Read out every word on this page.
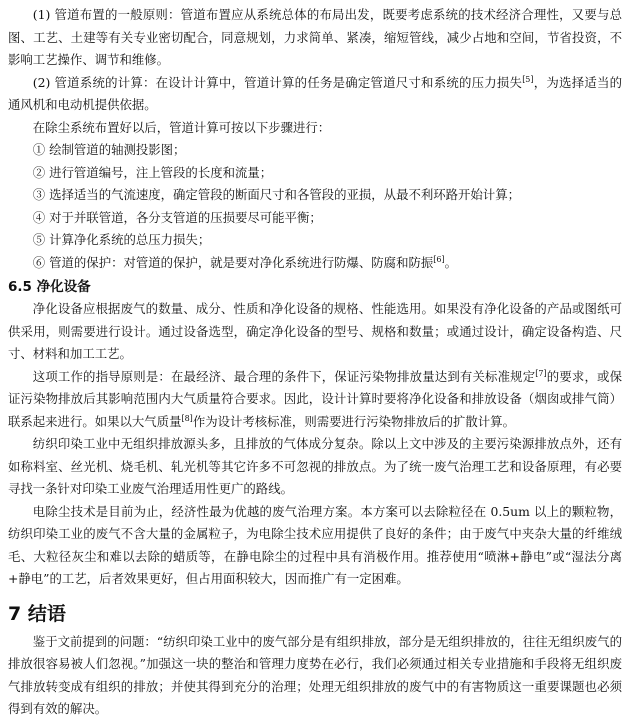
(1) 管道布置的一般原则：管道布置应从系统总体的布局出发，既要考虑系统的技术经济合理性，又要与总图、工艺、土建等有关专业密切配合，同意规划，力求简单、紧凑，缩短管线，减少占地和空间，节省投资，不影响工艺操作、调节和维修。

(2) 管道系统的计算：在设计计算中，管道计算的任务是确定管道尺寸和系统的压力损失[5]，为选择适当的通风机和电动机提供依据。

在除尘系统布置好以后，管道计算可按以下步骤进行：

① 绘制管道的轴测投影图；

② 进行管道编号，注上管段的长度和流量；

③ 选择适当的气流速度，确定管段的断面尺寸和各管段的亚损，从最不利环路开始计算；

④ 对于并联管道，各分支管道的压损要尽可能平衡；

⑤ 计算净化系统的总压力损失；

⑥ 管道的保护：对管道的保护，就是要对净化系统进行防爆、防腐和防振[6]。

6.5 净化设备

净化设备应根据废气的数量、成分、性质和净化设备的规格、性能选用。如果没有净化设备的产品或图纸可供采用，则需要进行设计。通过设备选型，确定净化设备的型号、规格和数量；或通过设计，确定设备构造、尺寸、材料和加工工艺。

这项工作的指导原则是：在最经济、最合理的条件下，保证污染物排放量达到有关标准规定[7]的要求，或保证污染物排放后其影响范围内大气质量符合要求。因此，设计计算时要将净化设备和排放设备（烟囱或排气筒）联系起来进行。如果以大气质量[8]作为设计考核标准，则需要进行污染物排放后的扩散计算。

纺织印染工业中无组织排放源头多，且排放的气体成分复杂。除以上文中涉及的主要污染源排放点外，还有如称料室、丝光机、烧毛机、轧光机等其它许多不可忽视的排放点。为了统一废气治理工艺和设备原理，有必要寻找一条针对印染工业废气治理适用性更广的路线。

电除尘技术是目前为止，经济性最为优越的废气治理方案。本方案可以去除粒径在 0.5um 以上的颗粒物，纺织印染工业的废气不含大量的金属粒子，为电除尘技术应用提供了良好的条件；由于废气中夹杂大量的纤维绒毛、大粒径灰尘和难以去除的蜡质等，在静电除尘的过程中具有消极作用。推荐使用“喷淋+静电”或“湿法分离+静电”的工艺，后者效果更好，但占用面积较大，因而推广有一定困难。

7 结语

鉴于文前提到的问题：“纺织印染工业中的废气部分是有组织排放，部分是无组织排放的，往往无组织废气的排放很容易被人们忽视。”加强这一块的整治和管理力度势在必行，我们必须通过相关专业措施和手段将无组织废气排放转变成有组织的排放；并使其得到充分的治理；处理无组织排放的废气中的有害物质这一重要课题也必须得到有效的解决。
